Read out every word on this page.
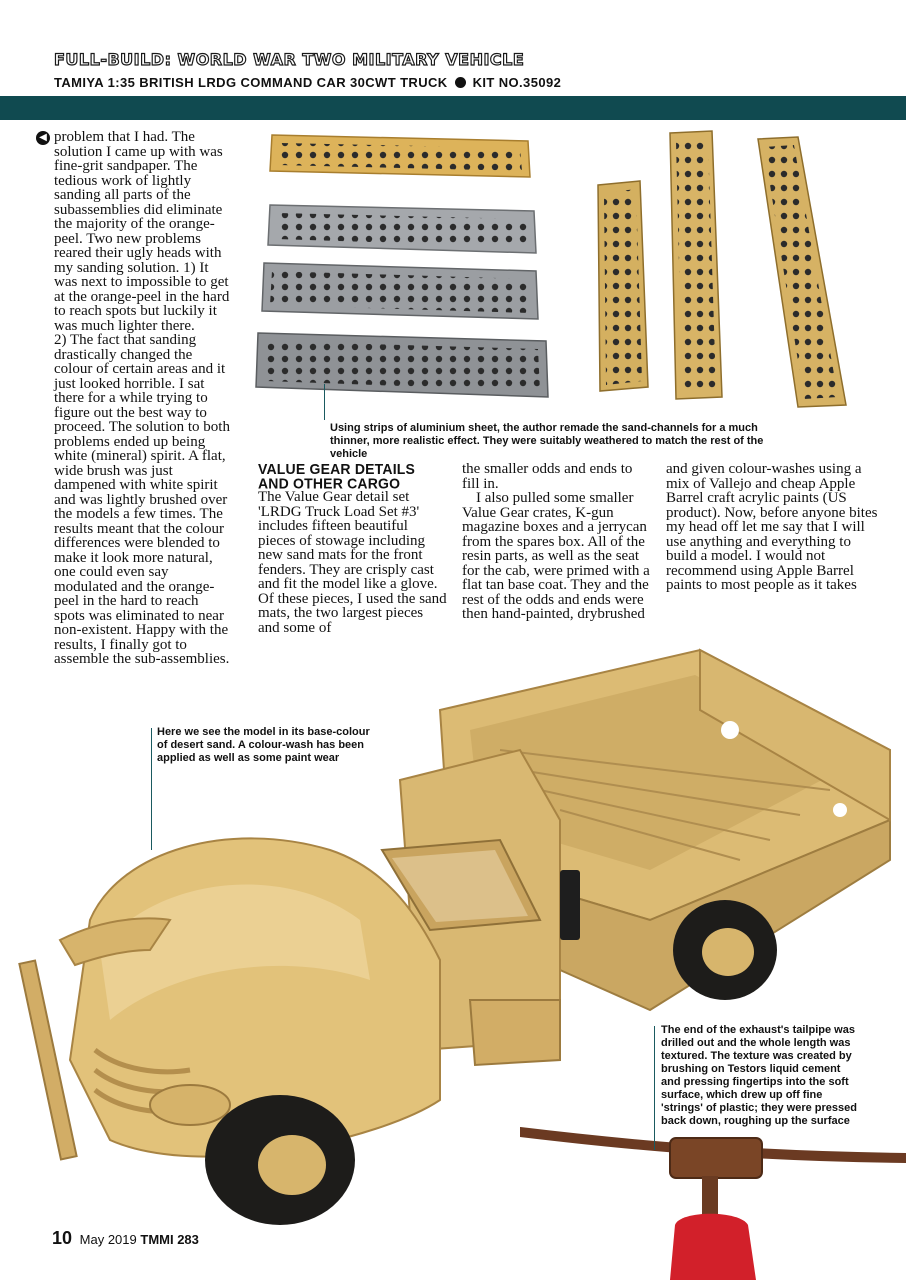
FULL-BUILD: WORLD WAR TWO MILITARY VEHICLE
TAMIYA 1:35 BRITISH LRDG COMMAND CAR 30CWT TRUCK KIT NO.35092
◀ problem that I had. The solution I came up with was fine-grit sandpaper. The tedious work of lightly sanding all parts of the subassemblies did eliminate the majority of the orange-peel. Two new problems reared their ugly heads with my sanding solution. 1) It was next to impossible to get at the orange-peel in the hard to reach spots but luckily it was much lighter there.

2) The fact that sanding drastically changed the colour of certain areas and it just looked horrible. I sat there for a while trying to figure out the best way to proceed. The solution to both problems ended up being white (mineral) spirit. A flat, wide brush was just dampened with white spirit and was lightly brushed over the models a few times. The results meant that the colour differences were blended to make it look more natural, one could even say modulated and the orange-peel in the hard to reach spots was eliminated to near non-existent. Happy with the results, I finally got to assemble the sub-assemblies.

VALUE GEAR DETAILS AND OTHER CARGO

The Value Gear detail set 'LRDG Truck Load Set #3' includes fifteen beautiful pieces of stowage including new sand mats for the front fenders. They are crisply cast and fit the model like a glove. Of these pieces, I used the sand mats, the two largest pieces and some of

the smaller odds and ends to fill in.

I also pulled some smaller Value Gear crates, K-gun magazine boxes and a jerrycan from the spares box. All of the resin parts, as well as the seat for the cab, were primed with a flat tan base coat. They and the rest of the odds and ends were then hand-painted, drybrushed

and given colour-washes using a mix of Vallejo and cheap Apple Barrel craft acrylic paints (US product). Now, before anyone bites my head off let me say that I will use anything and everything to build a model. I would not recommend using Apple Barrel paints to most people as it takes

Using strips of aluminium sheet, the author remade the sand-channels for a much thinner, more realistic effect. They were suitably weathered to match the rest of the vehicle
Here we see the model in its base-colour of desert sand. A colour-wash has been applied as well as some paint wear
The end of the exhaust's tailpipe was drilled out and the whole length was textured. The texture was created by brushing on Testors liquid cement and pressing fingertips into the soft surface, which drew up off fine 'strings' of plastic; they were pressed back down, roughing up the surface
10 May 2019 TMMI 283
